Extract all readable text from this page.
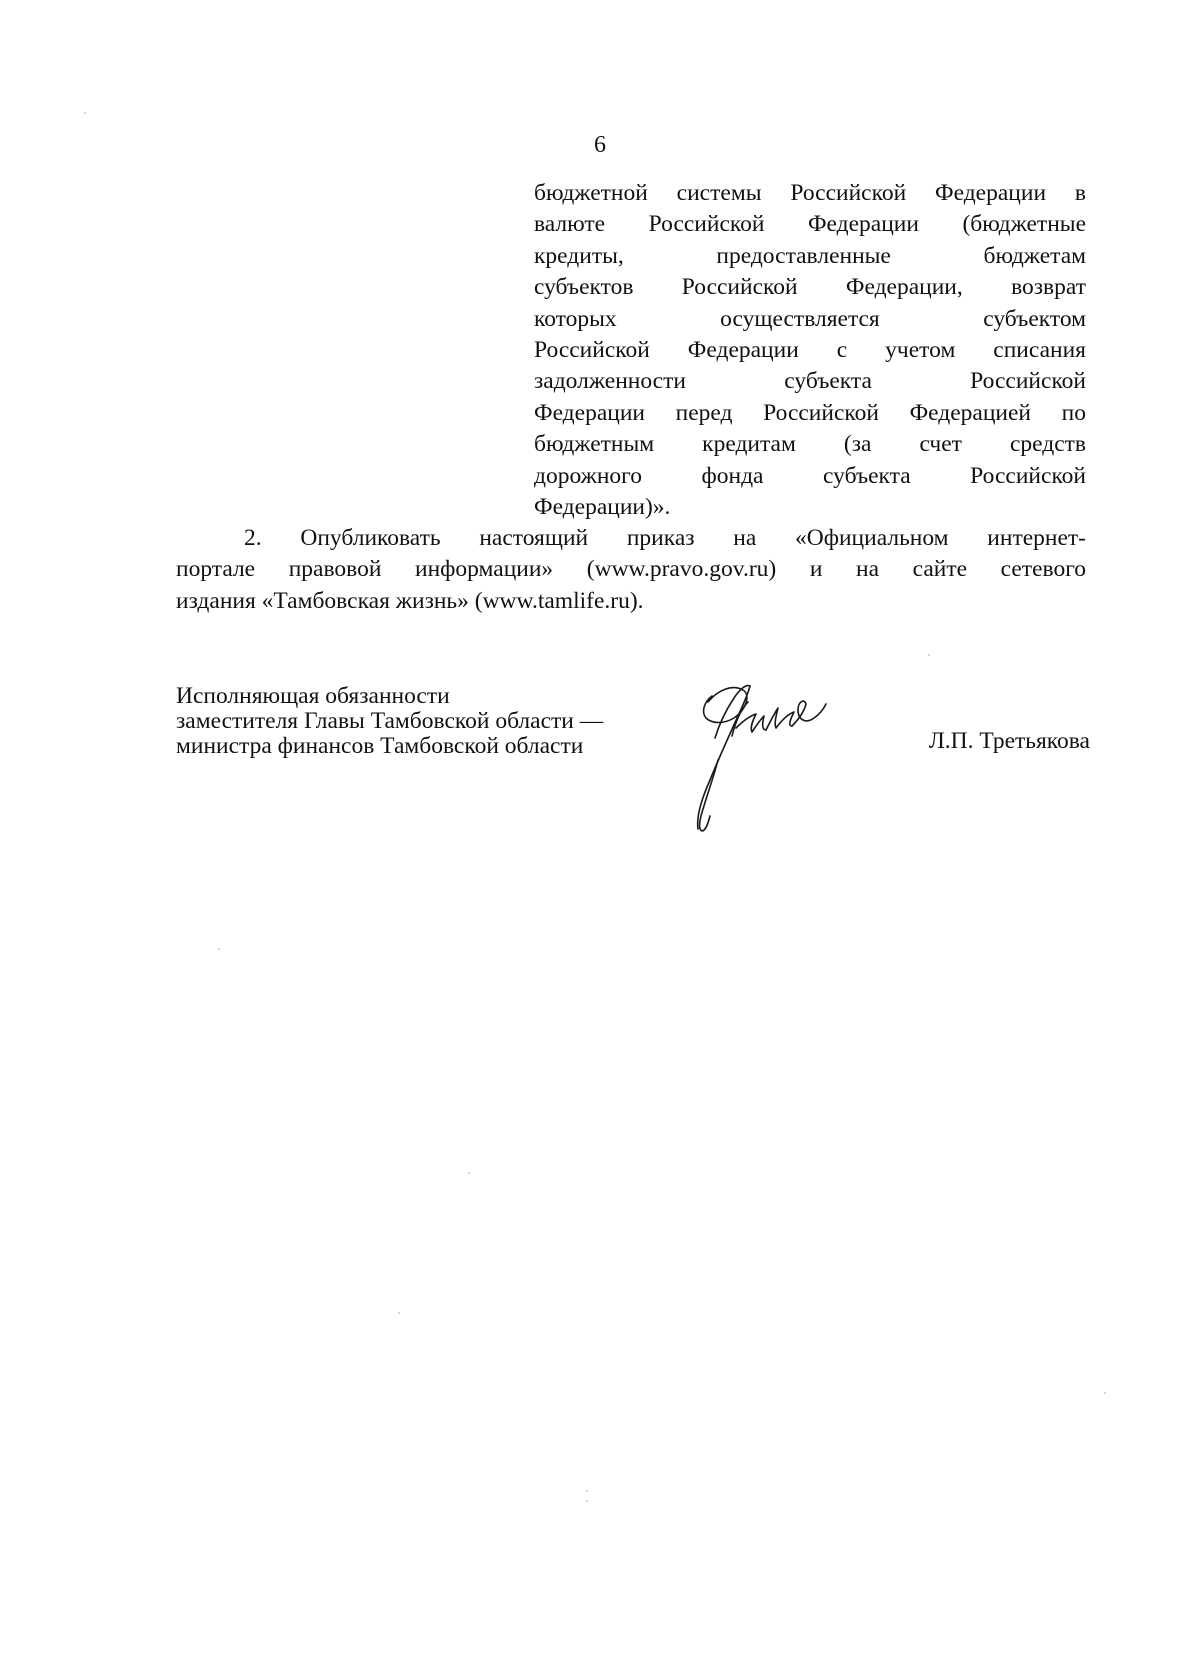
6
бюджетной системы Российской Федерации в
валюте Российской Федерации (бюджетные
кредиты, предоставленные бюджетам
субъектов Российской Федерации, возврат
которых осуществляется субъектом
Российской Федерации с учетом списания
задолженности субъекта Российской
Федерации перед Российской Федерацией по
бюджетным кредитам (за счет средств
дорожного фонда субъекта Российской
Федерации)».
2. Опубликовать настоящий приказ на «Официальном интернет-
портале правовой информации» (www.pravo.gov.ru) и на сайте сетевого
издания «Тамбовская жизнь» (www.tamlife.ru).
Исполняющая обязанности
заместителя Главы Тамбовской области —
министра финансов Тамбовской области	Л.П. Третьякова
